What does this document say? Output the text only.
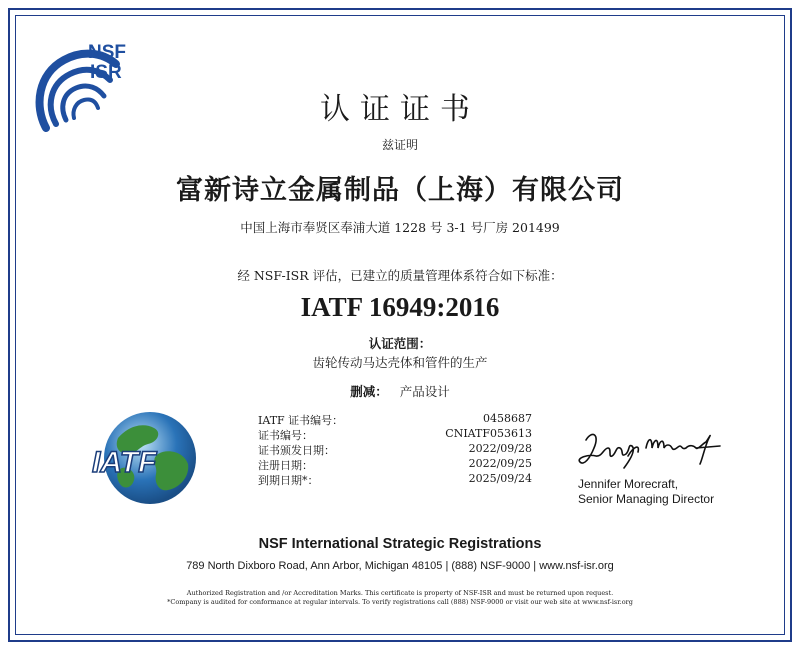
NSF
ISR
认证证书
兹证明
富新诗立金属制品（上海）有限公司
中国上海市奉贤区奉浦大道 1228 号 3-1 号厂房 201499
经 NSF-ISR 评估，已建立的质量管理体系符合如下标准：
IATF 16949:2016
认证范围：
齿轮传动马达壳体和管件的生产
删减： 产品设计
IATF
IATF 证书编号：	0458687
证书编号：	CNIATF053613
证书颁发日期：	2022/09/28
注册日期：	2022/09/25
到期日期*：	2025/09/24	Jennifer Morecraft,
Senior Managing Director
NSF International Strategic Registrations
789 North Dixboro Road, Ann Arbor, Michigan 48105 | (888) NSF-9000 | www.nsf-isr.org
Authorized Registration and /or Accreditation Marks. This certificate is property of NSF-ISR and must be returned upon request.
*Company is audited for conformance at regular intervals. To verify registrations call (888) NSF-9000 or visit our web site at www.nsf-isr.org
